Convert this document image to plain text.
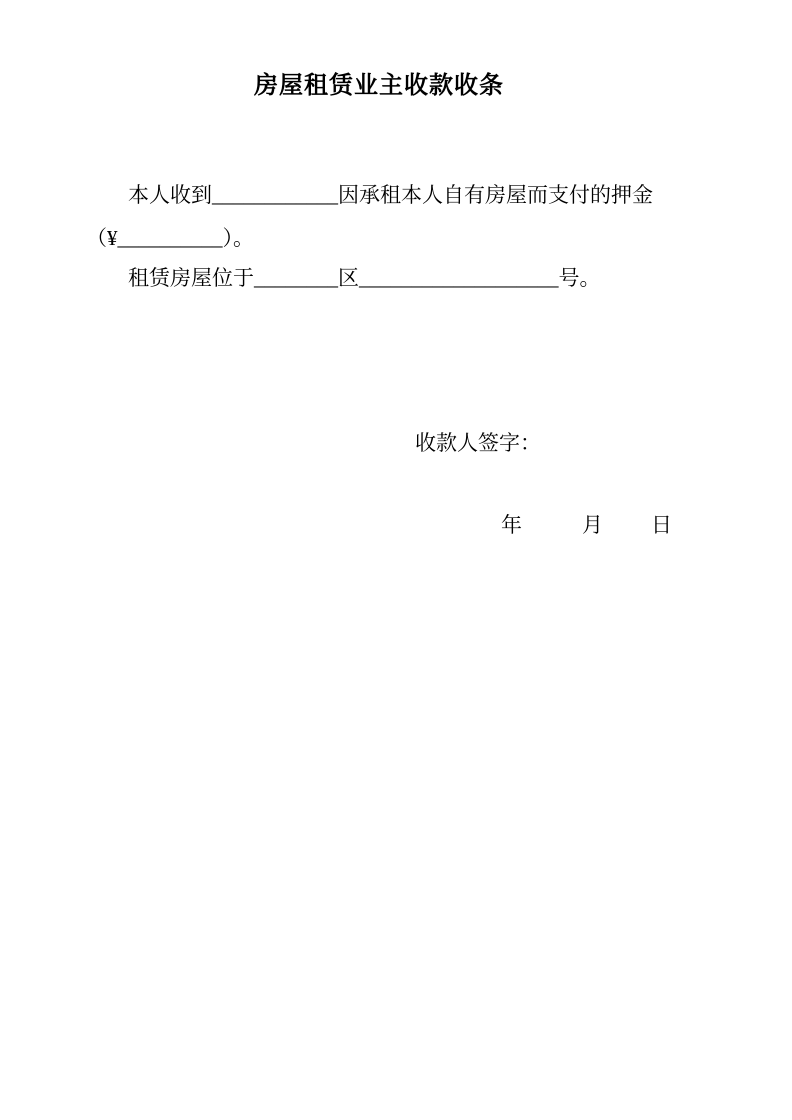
房屋租赁业主收款收条
本人收到____________因承租本人自有房屋而支付的押金
（¥__________）。
租赁房屋位于________区___________________号。
收款人签字：
年	月 日
